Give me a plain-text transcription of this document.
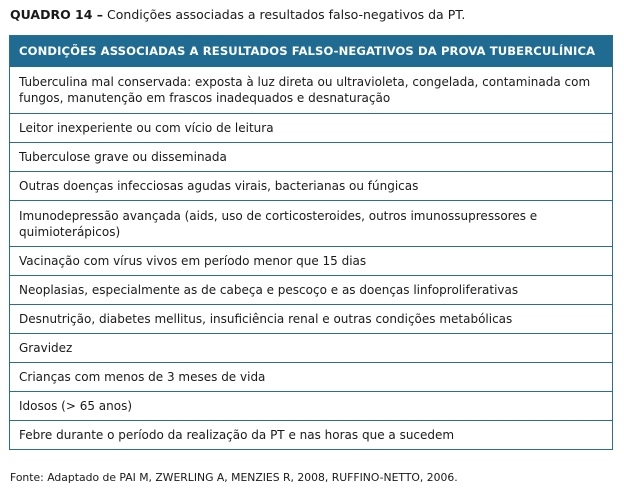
QUADRO 14 – Condições associadas a resultados falso-negativos da PT.
CONDIÇÕES ASSOCIADAS A RESULTADOS FALSO-NEGATIVOS DA PROVA TUBERCULÍNICA
Tuberculina mal conservada: exposta à luz direta ou ultravioleta, congelada, contaminada com fungos, manutenção em frascos inadequados e desnaturação
Leitor inexperiente ou com vício de leitura
Tuberculose grave ou disseminada
Outras doenças infecciosas agudas virais, bacterianas ou fúngicas
Imunodepressão avançada (aids, uso de corticosteroides, outros imunossupressores e quimioterápicos)
Vacinação com vírus vivos em período menor que 15 dias
Neoplasias, especialmente as de cabeça e pescoço e as doenças linfoproliferativas
Desnutrição, diabetes mellitus, insuficiência renal e outras condições metabólicas
Gravidez
Crianças com menos de 3 meses de vida
Idosos (> 65 anos)
Febre durante o período da realização da PT e nas horas que a sucedem
Fonte: Adaptado de PAI M, ZWERLING A, MENZIES R, 2008, RUFFINO-NETTO, 2006.
